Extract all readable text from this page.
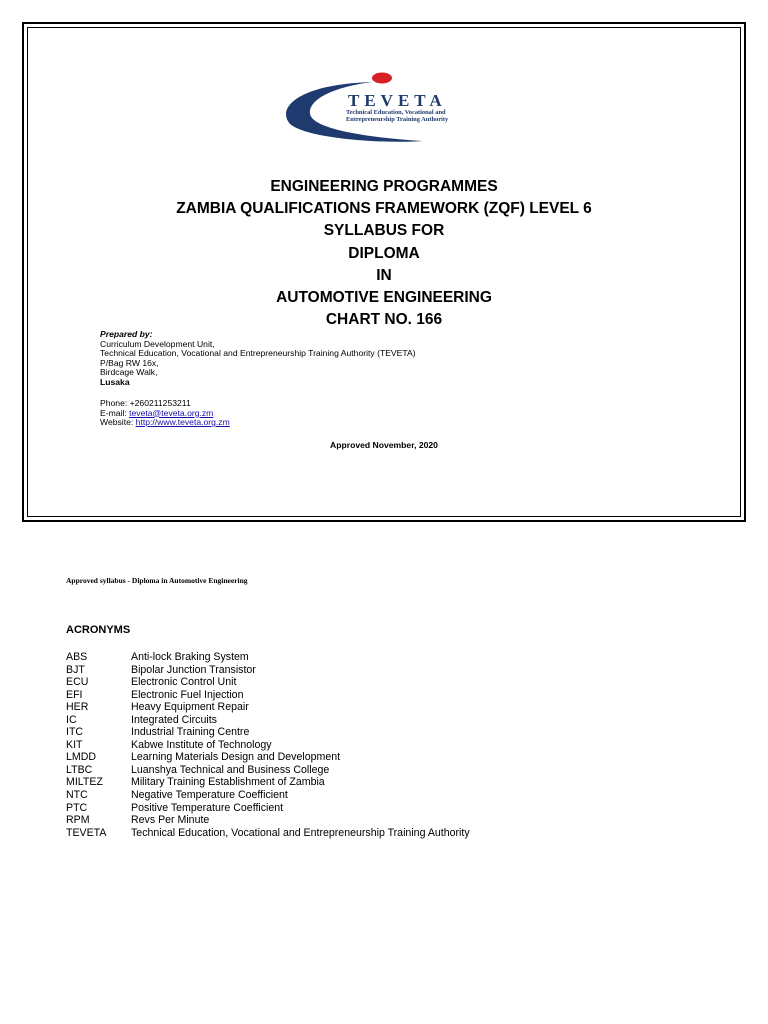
TEVETA
Technical Education, Vocational and
Entrepreneurship Training Authority
ENGINEERING PROGRAMMES
ZAMBIA QUALIFICATIONS FRAMEWORK (ZQF) LEVEL 6
SYLLABUS FOR
DIPLOMA
IN
AUTOMOTIVE ENGINEERING
CHART NO. 166
Prepared by:
Curriculum Development Unit,
Technical Education, Vocational and Entrepreneurship Training Authority (TEVETA)
P/Bag RW 16x,
Birdcage Walk,
Lusaka
Phone: +260211253211
E-mail: teveta@teveta.org.zm
Website: http://www.teveta.org.zm
Approved November, 2020
Approved syllabus - Diploma in Automotive Engineering
ACRONYMS
ABS	Anti-lock Braking System
BJT	Bipolar Junction Transistor
ECU	Electronic Control Unit
EFI	Electronic Fuel Injection
HER	Heavy Equipment Repair
IC	Integrated Circuits
ITC	Industrial Training Centre
KIT	Kabwe Institute of Technology
LMDD	Learning Materials Design and Development
LTBC	Luanshya Technical and Business College
MILTEZ	Military Training Establishment of Zambia
NTC	Negative Temperature Coefficient
PTC	Positive Temperature Coefficient
RPM	Revs Per Minute
TEVETA	Technical Education, Vocational and Entrepreneurship Training Authority
